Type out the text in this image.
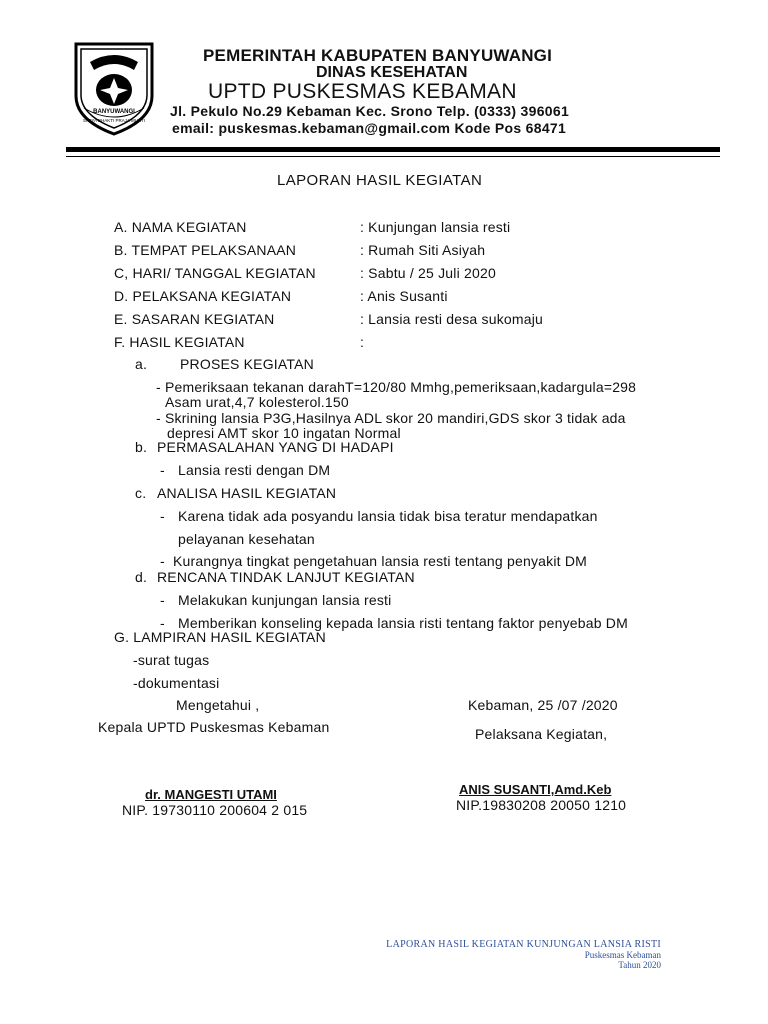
BANYUWANGI
SATYA BHAKTI PRAJA MUKTI
PEMERINTAH KABUPATEN BANYUWANGI
DINAS KESEHATAN
UPTD PUSKESMAS KEBAMAN
Jl. Pekulo No.29 Kebaman Kec. Srono Telp. (0333) 396061
email: puskesmas.kebaman@gmail.com Kode Pos 68471
LAPORAN HASIL KEGIATAN
A. NAMA KEGIATAN	: Kunjungan lansia resti
B. TEMPAT PELAKSANAAN	: Rumah Siti Asiyah
C, HARI/ TANGGAL KEGIATAN	: Sabtu / 25 Juli 2020
D. PELAKSANA KEGIATAN	: Anis Susanti
E. SASARAN KEGIATAN	: Lansia resti desa sukomaju
F. HASIL KEGIATAN	:
a. PROSES KEGIATAN
- Pemeriksaan tekanan darahT=120/80 Mmhg,pemeriksaan,kadargula=298
Asam urat,4,7 kolesterol.150
- Skrining lansia P3G,Hasilnya ADL skor 20 mandiri,GDS skor 3 tidak ada
depresi AMT skor 10 ingatan Normal
b. PERMASALAHAN YANG DI HADAPI
- Lansia resti dengan DM
c. ANALISA HASIL KEGIATAN
- Karena tidak ada posyandu lansia tidak bisa teratur mendapatkan
pelayanan kesehatan
- Kurangnya tingkat pengetahuan lansia resti tentang penyakit DM
d. RENCANA TINDAK LANJUT KEGIATAN
- Melakukan kunjungan lansia resti
- Memberikan konseling kepada lansia risti tentang faktor penyebab DM
G. LAMPIRAN HASIL KEGIATAN
-surat tugas
-dokumentasi
Mengetahui ,
Kepala UPTD Puskesmas Kebaman
dr. MANGESTI UTAMI
NIP. 19730110 200604 2 015
Kebaman, 25 /07 /2020
Pelaksana Kegiatan,
ANIS SUSANTI,Amd.Keb
NIP.19830208 20050 1210
LAPORAN HASIL KEGIATAN KUNJUNGAN LANSIA RISTI
Puskesmas Kebaman
Tahun 2020
